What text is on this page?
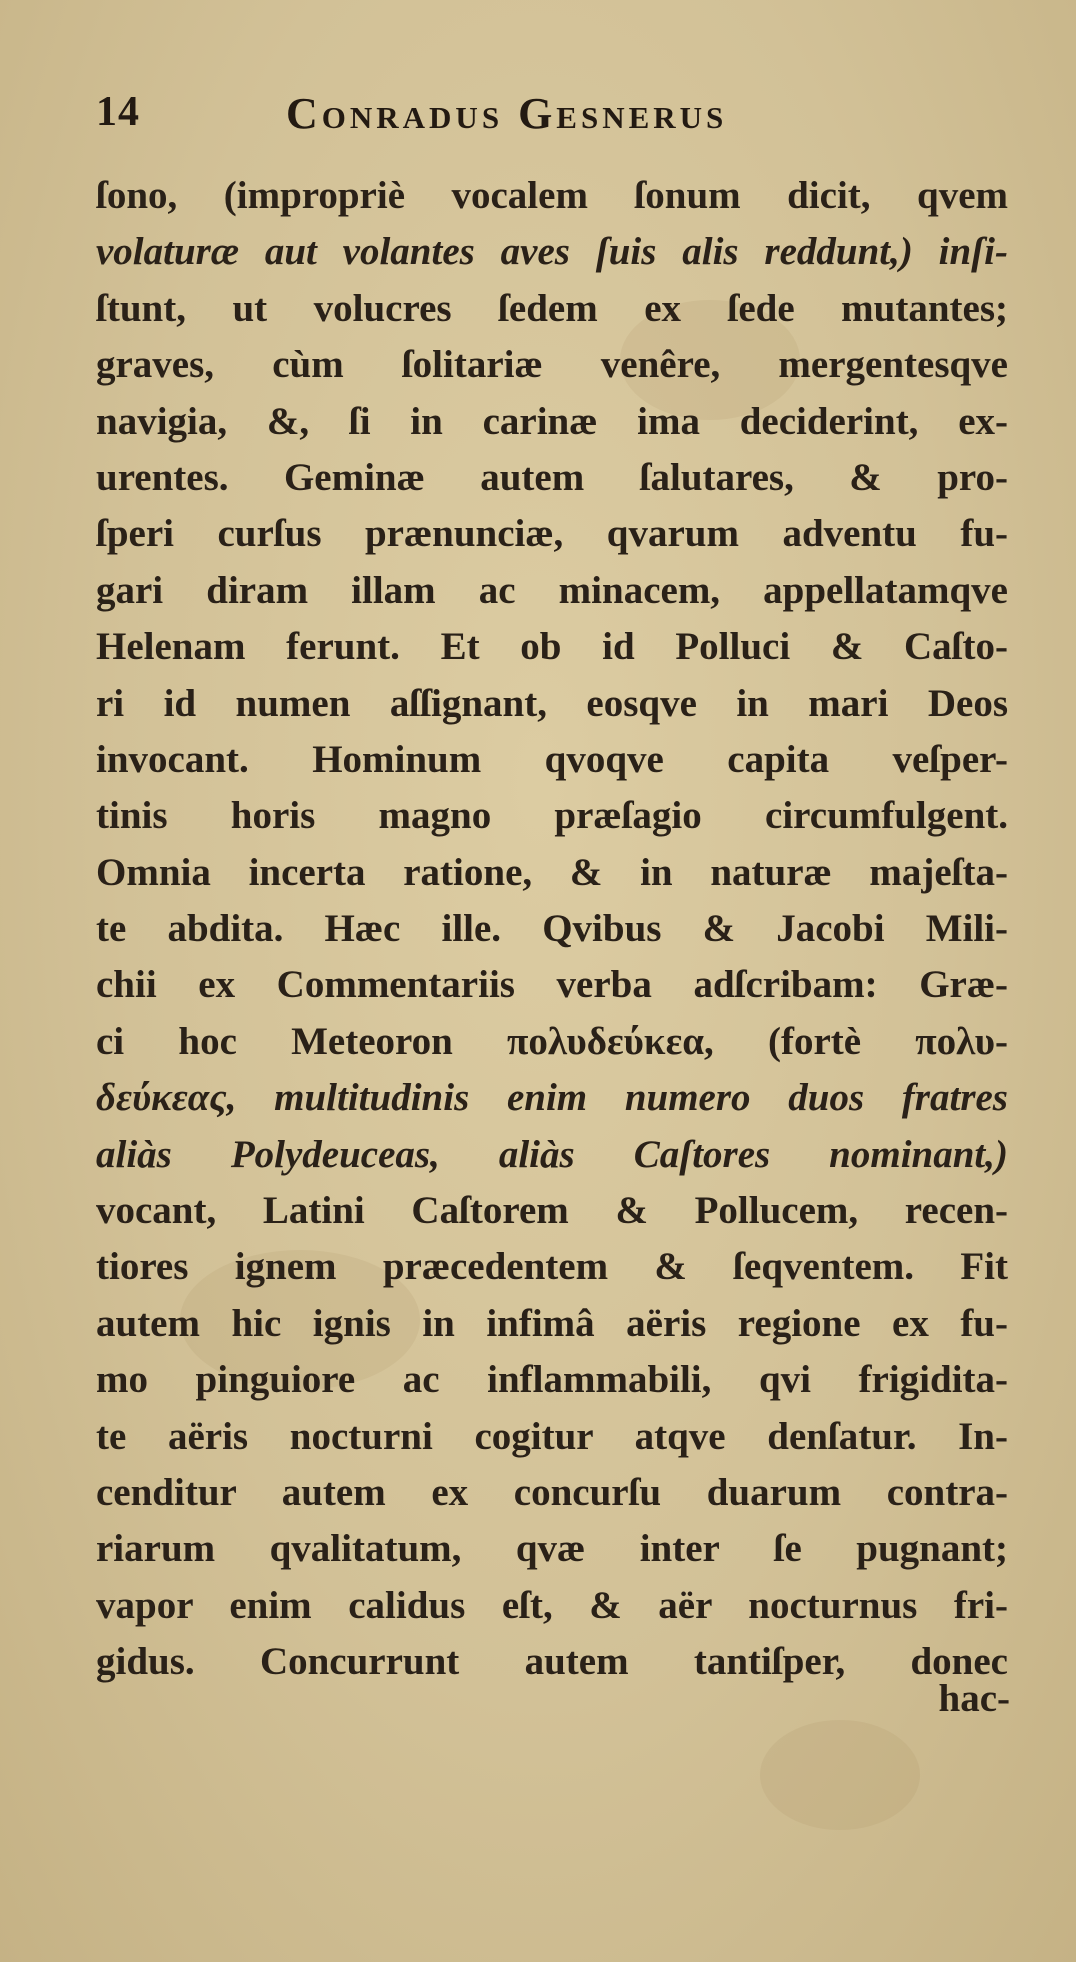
14	Conradus Gesnerus
ſono, (impropriè vocalem ſonum dicit, qvem
volaturæ aut volantes aves ſuis alis reddunt,) inſi-
ſtunt, ut volucres ſedem ex ſede mutantes;
graves, cùm ſolitariæ venêre, mergentesqve
navigia, &, ſi in carinæ ima deciderint, ex-
urentes. Geminæ autem ſalutares, & pro-
ſperi curſus prænunciæ, qvarum adventu fu-
gari diram illam ac minacem, appellatamqve
Helenam ferunt. Et ob id Polluci & Caſto-
ri id numen aſſignant, eosqve in mari Deos
invocant. Hominum qvoqve capita veſper-
tinis horis magno præſagio circumfulgent.
Omnia incerta ratione, & in naturæ majeſta-
te abdita. Hæc ille. Qvibus & Jacobi Mili-
chii ex Commentariis verba adſcribam: Græ-
ci hoc Meteoron πολυδεύκεα, (fortè πολυ-
δεύκεας, multitudinis enim numero duos fratres
aliàs Polydeuceas, aliàs Caſtores nominant,)
vocant, Latini Caſtorem & Pollucem, recen-
tiores ignem præcedentem & ſeqventem. Fit
autem hic ignis in infimâ aëris regione ex fu-
mo pinguiore ac inflammabili, qvi frigidita-
te aëris nocturni cogitur atqve denſatur. In-
cenditur autem ex concurſu duarum contra-
riarum qvalitatum, qvæ inter ſe pugnant;
vapor enim calidus eſt, & aër nocturnus fri-
gidus. Concurrunt autem tantiſper, donec
hac-
